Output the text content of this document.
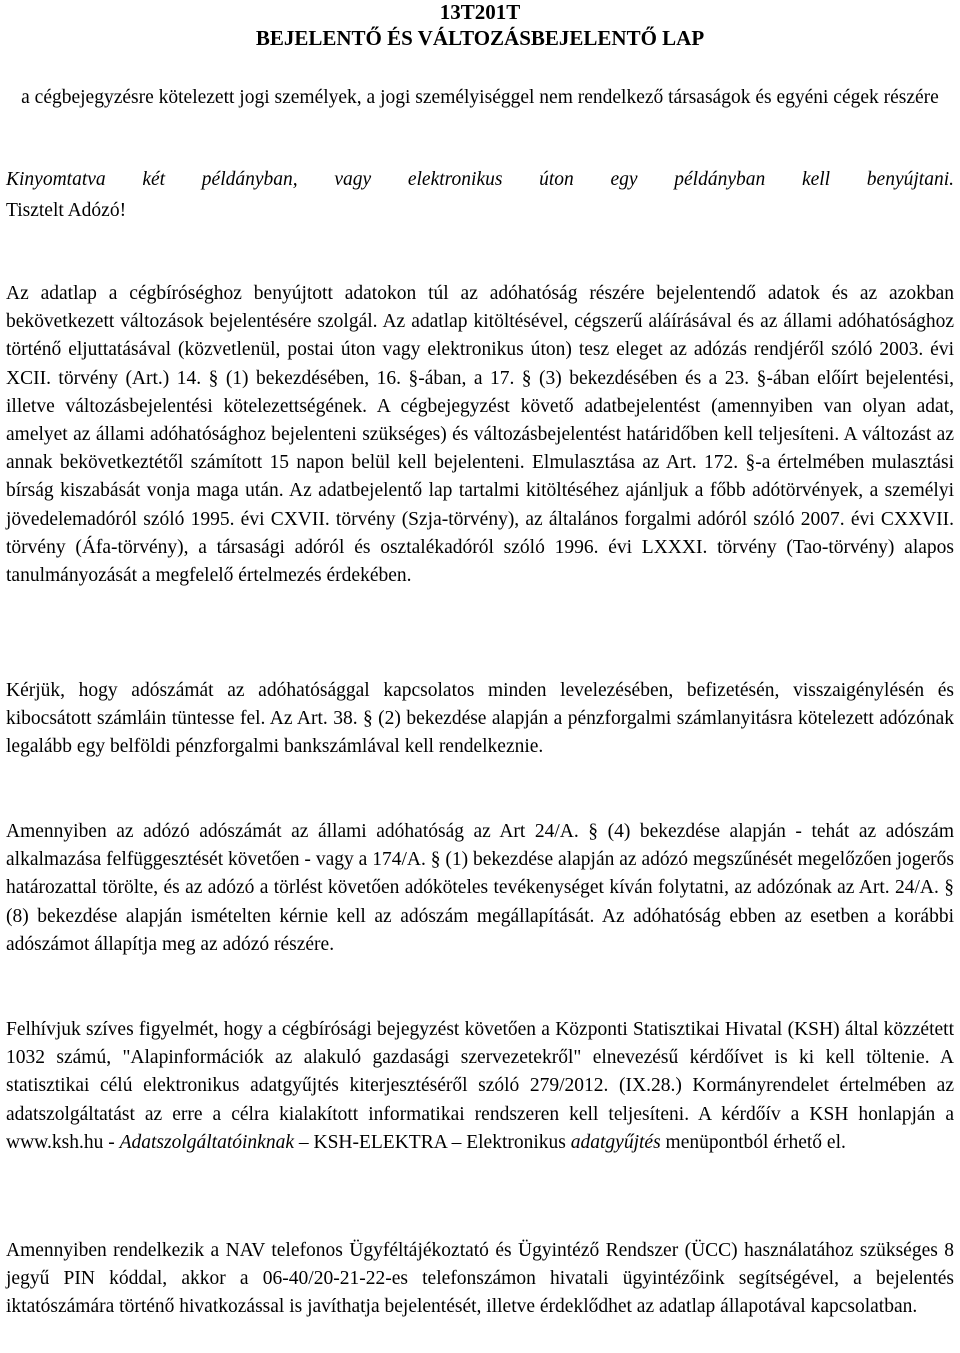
13T201T
BEJELENTŐ ÉS VÁLTOZÁSBEJELENTŐ LAP
a cégbejegyzésre kötelezett jogi személyek, a jogi személyiséggel nem rendelkező társaságok és egyéni cégek részére
Kinyomtatva két példányban, vagy elektronikus úton egy példányban kell benyújtani.
Tisztelt Adózó!
Az adatlap a cégbíróséghoz benyújtott adatokon túl az adóhatóság részére bejelentendő adatok és az azokban bekövetkezett változások bejelentésére szolgál. Az adatlap kitöltésével, cégszerű aláírásával és az állami adóhatósághoz történő eljuttatásával (közvetlenül, postai úton vagy elektronikus úton) tesz eleget az adózás rendjéről szóló 2003. évi XCII. törvény (Art.) 14. § (1) bekezdésében, 16. §-ában, a 17. § (3) bekezdésében és a 23. §-ában előírt bejelentési, illetve változásbejelentési kötelezettségének. A cégbejegyzést követő adatbejelentést (amennyiben van olyan adat, amelyet az állami adóhatósághoz bejelenteni szükséges) és változásbejelentést határidőben kell teljesíteni. A változást az annak bekövetkeztétől számított 15 napon belül kell bejelenteni. Elmulasztása az Art. 172. §-a értelmében mulasztási bírság kiszabását vonja maga után. Az adatbejelentő lap tartalmi kitöltéséhez ajánljuk a főbb adótörvények, a személyi jövedelemadóról szóló 1995. évi CXVII. törvény (Szja-törvény), az általános forgalmi adóról szóló 2007. évi CXXVII. törvény (Áfa-törvény), a társasági adóról és osztalékadóról szóló 1996. évi LXXXI. törvény (Tao-törvény) alapos tanulmányozását a megfelelő értelmezés érdekében.
Kérjük, hogy adószámát az adóhatósággal kapcsolatos minden levelezésében, befizetésén, visszaigénylésén és kibocsátott számláin tüntesse fel. Az Art. 38. § (2) bekezdése alapján a pénzforgalmi számlanyitásra kötelezett adózónak legalább egy belföldi pénzforgalmi bankszámlával kell rendelkeznie.
Amennyiben az adózó adószámát az állami adóhatóság az Art 24/A. § (4) bekezdése alapján - tehát az adószám alkalmazása felfüggesztését követően - vagy a 174/A. § (1) bekezdése alapján az adózó megszűnését megelőzően jogerős határozattal törölte, és az adózó a törlést követően adóköteles tevékenységet kíván folytatni, az adózónak az Art. 24/A. § (8) bekezdése alapján ismételten kérnie kell az adószám megállapítását. Az adóhatóság ebben az esetben a korábbi adószámot állapítja meg az adózó részére.
Felhívjuk szíves figyelmét, hogy a cégbírósági bejegyzést követően a Központi Statisztikai Hivatal (KSH) által közzétett 1032 számú, "Alapinformációk az alakuló gazdasági szervezetekről" elnevezésű kérdőívet is ki kell töltenie. A statisztikai célú elektronikus adatgyűjtés kiterjesztéséről szóló 279/2012. (IX.28.) Kormányrendelet értelmében az adatszolgáltatást az erre a célra kialakított informatikai rendszeren kell teljesíteni. A kérdőív a KSH honlapján a www.ksh.hu - Adatszolgáltatóinknak – KSH-ELEKTRA – Elektronikus adatgyűjtés menüpontból érhető el.
Amennyiben rendelkezik a NAV telefonos Ügyféltájékoztató és Ügyintéző Rendszer (ÜCC) használatához szükséges 8 jegyű PIN kóddal, akkor a 06-40/20-21-22-es telefonszámon hivatali ügyintézőink segítségével, a bejelentés iktatószámára történő hivatkozással is javíthatja bejelentését, illetve érdeklődhet az adatlap állapotával kapcsolatban.
